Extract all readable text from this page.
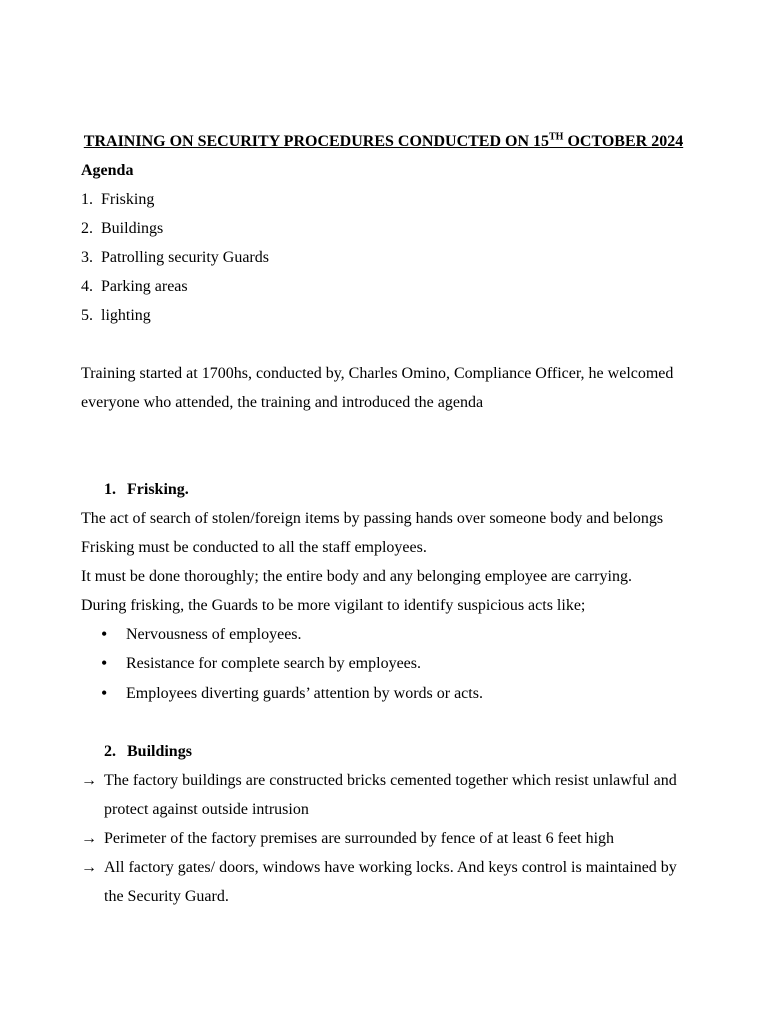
TRAINING ON SECURITY PROCEDURES CONDUCTED ON 15TH OCTOBER 2024

Agenda

1. Frisking
2. Buildings
3. Patrolling security Guards
4. Parking areas
5. lighting

Training started at 1700hs, conducted by, Charles Omino, Compliance Officer, he welcomed everyone who attended, the training and introduced the agenda

1. Frisking.

The act of search of stolen/foreign items by passing hands over someone body and belongs

Frisking must be conducted to all the staff employees.

It must be done thoroughly; the entire body and any belonging employee are carrying.

During frisking, the Guards to be more vigilant to identify suspicious acts like;

•	Nervousness of employees.
•	Resistance for complete search by employees.
•	Employees diverting guards’ attention by words or acts.
2. Buildings
→ The factory buildings are constructed bricks cemented together which resist unlawful and protect against outside intrusion
→ Perimeter of the factory premises are surrounded by fence of at least 6 feet high
→ All factory gates/ doors, windows have working locks. And keys control is maintained by the Security Guard.
